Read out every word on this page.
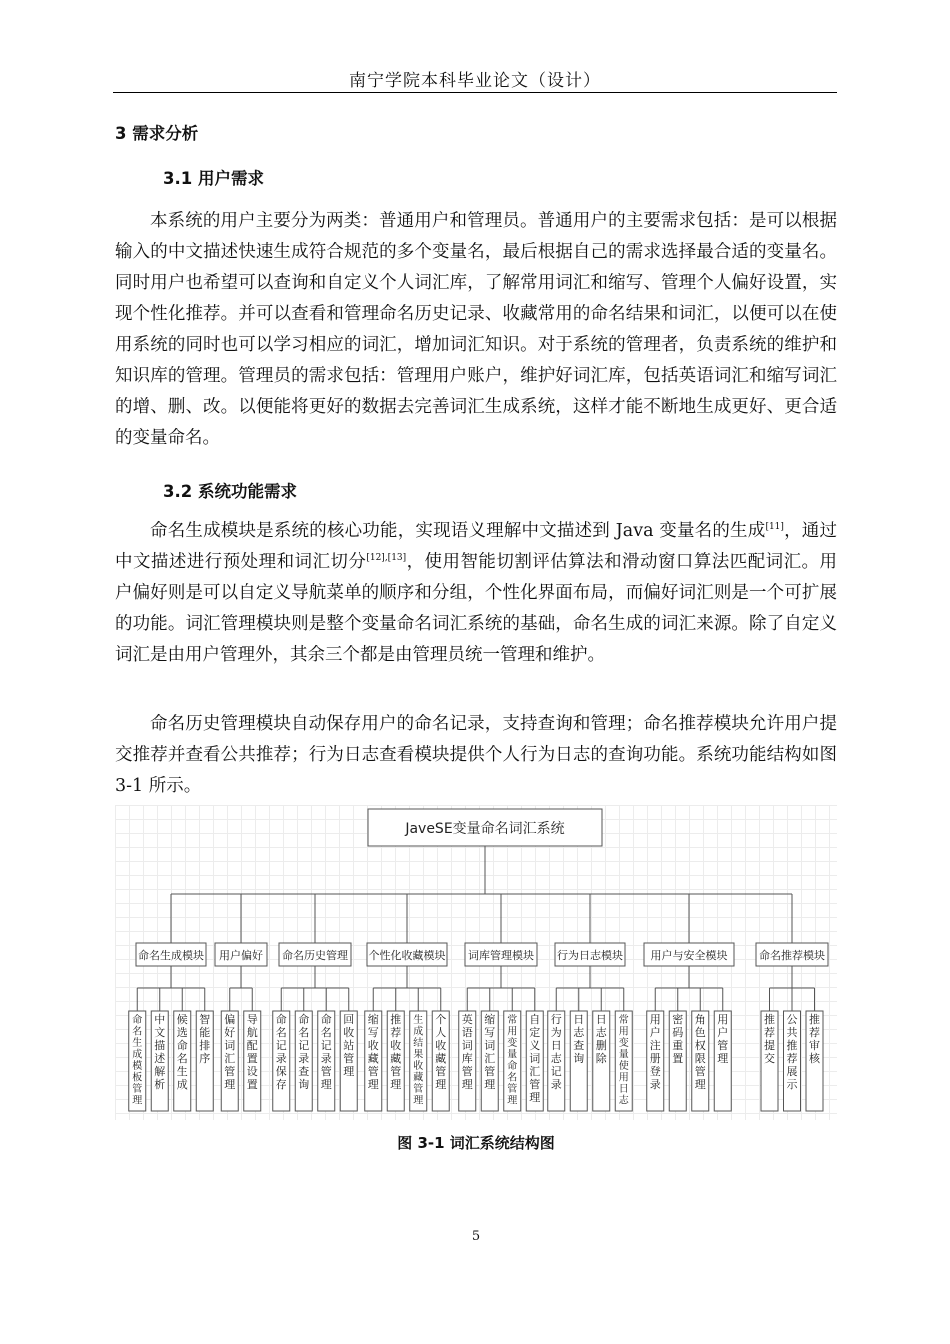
南宁学院本科毕业论文（设计）
3 需求分析
3.1 用户需求
本系统的用户主要分为两类：普通用户和管理员。普通用户的主要需求包括：是可以根据输入的中文描述快速生成符合规范的多个变量名，最后根据自己的需求选择最合适的变量名。同时用户也希望可以查询和自定义个人词汇库，了解常用词汇和缩写、管理个人偏好设置，实现个性化推荐。并可以查看和管理命名历史记录、收藏常用的命名结果和词汇，以便可以在使用系统的同时也可以学习相应的词汇，增加词汇知识。对于系统的管理者，负责系统的维护和知识库的管理。管理员的需求包括：管理用户账户，维护好词汇库，包括英语词汇和缩写词汇的增、删、改。以便能将更好的数据去完善词汇生成系统，这样才能不断地生成更好、更合适的变量命名。
3.2 系统功能需求
命名生成模块是系统的核心功能，实现语义理解中文描述到 Java 变量名的生成[11]，通过中文描述进行预处理和词汇切分[12],[13]，使用智能切割评估算法和滑动窗口算法匹配词汇。用户偏好则是可以自定义导航菜单的顺序和分组，个性化界面布局，而偏好词汇则是一个可扩展的功能。词汇管理模块则是整个变量命名词汇系统的基础，命名生成的词汇来源。除了自定义词汇是由用户管理外，其余三个都是由管理员统一管理和维护。
命名历史管理模块自动保存用户的命名记录，支持查询和管理；命名推荐模块允许用户提交推荐并查看公共推荐；行为日志查看模块提供个人行为日志的查询功能。系统功能结构如图 3-1 所示。
JaveSE变量命名词汇系统
命名生成模块
命名生成模板管理
中文描述解析
候选命名生成
智能排序
用户偏好
偏好词汇管理
导航配置设置
命名历史管理
命名记录保存
命名记录查询
命名记录管理
回收站管理
个性化收藏模块
缩写收藏管理
推荐收藏管理
生成结果收藏管理
个人收藏管理
词库管理模块
英语词库管理
缩写词汇管理
常用变量命名管理
自定义词汇管理
行为日志模块
行为日志记录
日志查询
日志删除
常用变量使用日志
用户与安全模块
用户注册登录
密码重置
角色权限管理
用户管理
命名推荐模块
推荐提交
公共推荐展示
推荐审核
图 3-1 词汇系统结构图
5
